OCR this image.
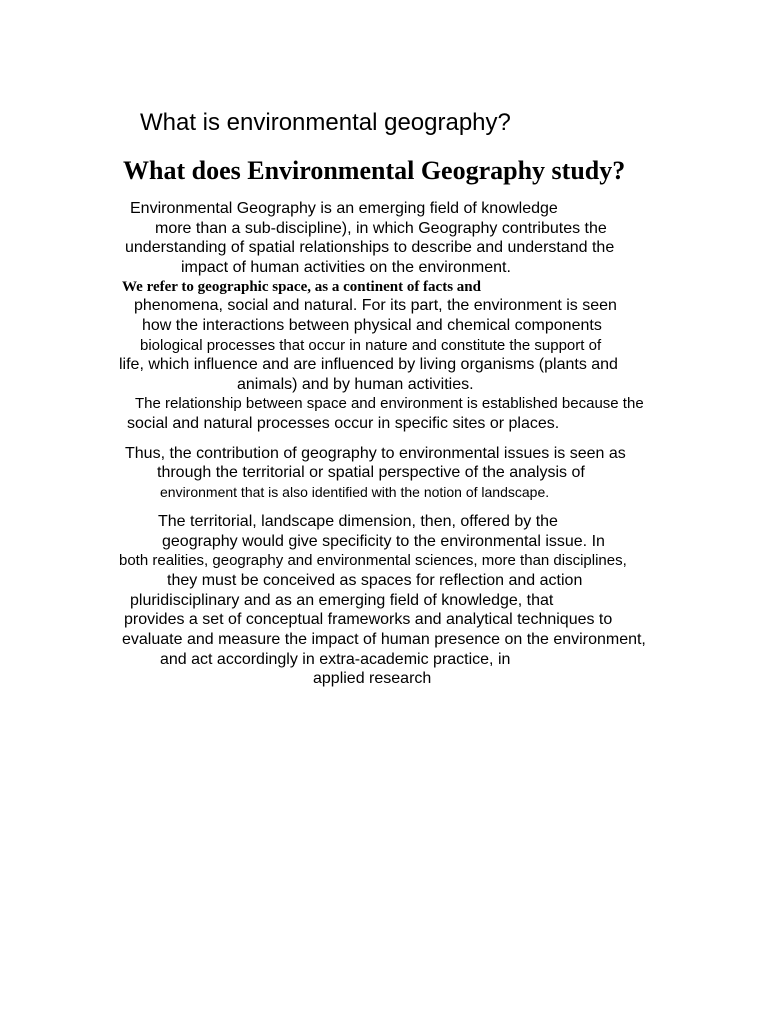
What is environmental geography?
What does Environmental Geography study?

Environmental Geography is an emerging field of knowledge

more than a sub-discipline), in which Geography contributes the

understanding of spatial relationships to describe and understand the

impact of human activities on the environment.

We refer to geographic space, as a continent of facts and

phenomena, social and natural. For its part, the environment is seen

how the interactions between physical and chemical components

biological processes that occur in nature and constitute the support of

life, which influence and are influenced by living organisms (plants and

animals) and by human activities.

The relationship between space and environment is established because the

social and natural processes occur in specific sites or places.

Thus, the contribution of geography to environmental issues is seen as

through the territorial or spatial perspective of the analysis of

environment that is also identified with the notion of landscape.

The territorial, landscape dimension, then, offered by the

geography would give specificity to the environmental issue. In

both realities, geography and environmental sciences, more than disciplines,

they must be conceived as spaces for reflection and action

pluridisciplinary and as an emerging field of knowledge, that

provides a set of conceptual frameworks and analytical techniques to

evaluate and measure the impact of human presence on the environment,

and act accordingly in extra-academic practice, in

applied research
